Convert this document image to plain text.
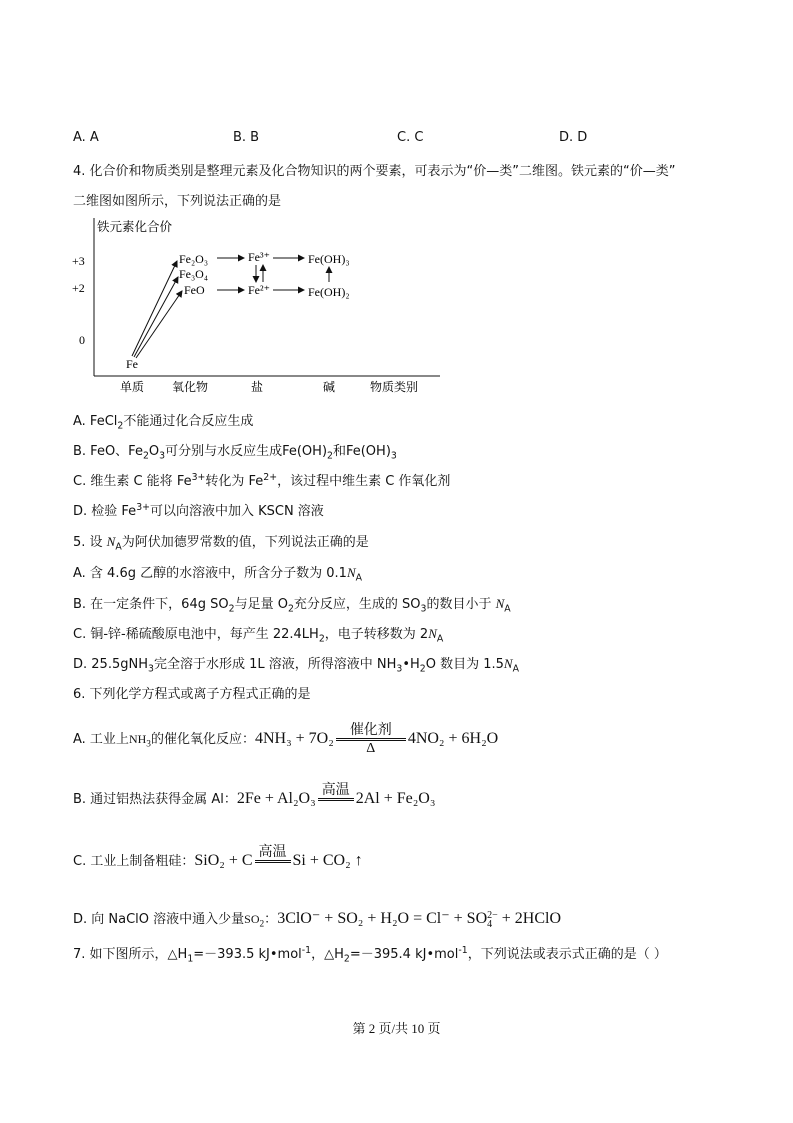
A. A	B. B	C. C	D. D
4. 化合价和物质类别是整理元素及化合物知识的两个要素，可表示为“价—类”二维图。铁元素的“价—类”
二维图如图所示，下列说法正确的是
铁元素化合价
+3
+2
0
单质 氧化物	盐	碱	物质类别
Fe
Fe₂O₃
Fe₃O₄
FeO
Fe³⁺
Fe²⁺
Fe(OH)₃
Fe(OH)₂
A. FeCl$_2$不能通过化合反应生成
B. FeO、$Fe_2O_3$可分别与水反应生成$Fe(OH)_2$和$Fe(OH)_3$
C. 维生素 C 能将 $Fe^{3+}$转化为 $Fe^{2+}$，该过程中维生素 C 作氧化剂
D. 检验 $Fe^{3+}$可以向溶液中加入 KSCN 溶液
5. 设 $N_A$为阿伏加德罗常数的值，下列说法正确的是
A. 含 4.6g 乙醇的水溶液中，所含分子数为 $0.1N_A$
B. 在一定条件下，64g $SO_2$与足量 $O_2$充分反应，生成的 $SO_3$的数目小于 $N_A$
C. 铜-锌-稀硫酸原电池中，每产生 $22.4LH_2$，电子转移数为 $2N_A$
D. 25.5gNH$_3$完全溶于水形成 1L 溶液，所得溶液中 $NH_3•H_2O$ 数目为 $1.5N_A$
6. 下列化学方程式或离子方程式正确的是
A. 工业上$NH_3$的催化氧化反应：$4NH_3 + 7O_2 \frac{\text{催化剂}}{\Delta} 4NO_2 + 6H_2O$
B. 通过铝热法获得金属 Al：2Fe + Al₂O₃ 高温
2Al + Fe₂O₃
C. 工业上制备粗硅：SiO₂ + C 高温
Si + CO₂ ↑
D. 向 NaClO 溶液中通入少量$SO_2$：3ClO⁻ + SO₂ + H₂O = Cl⁻ + SO 2−
4 + 2HClO
7. 如下图所示，$\triangle H_1=-393.5$ kJ•mol$^{-1}$，$\triangle H_2=-395.4$ kJ•mol$^{-1}$，下列说法或表示式正确的是（ ）
第 2 页/共 10 页
